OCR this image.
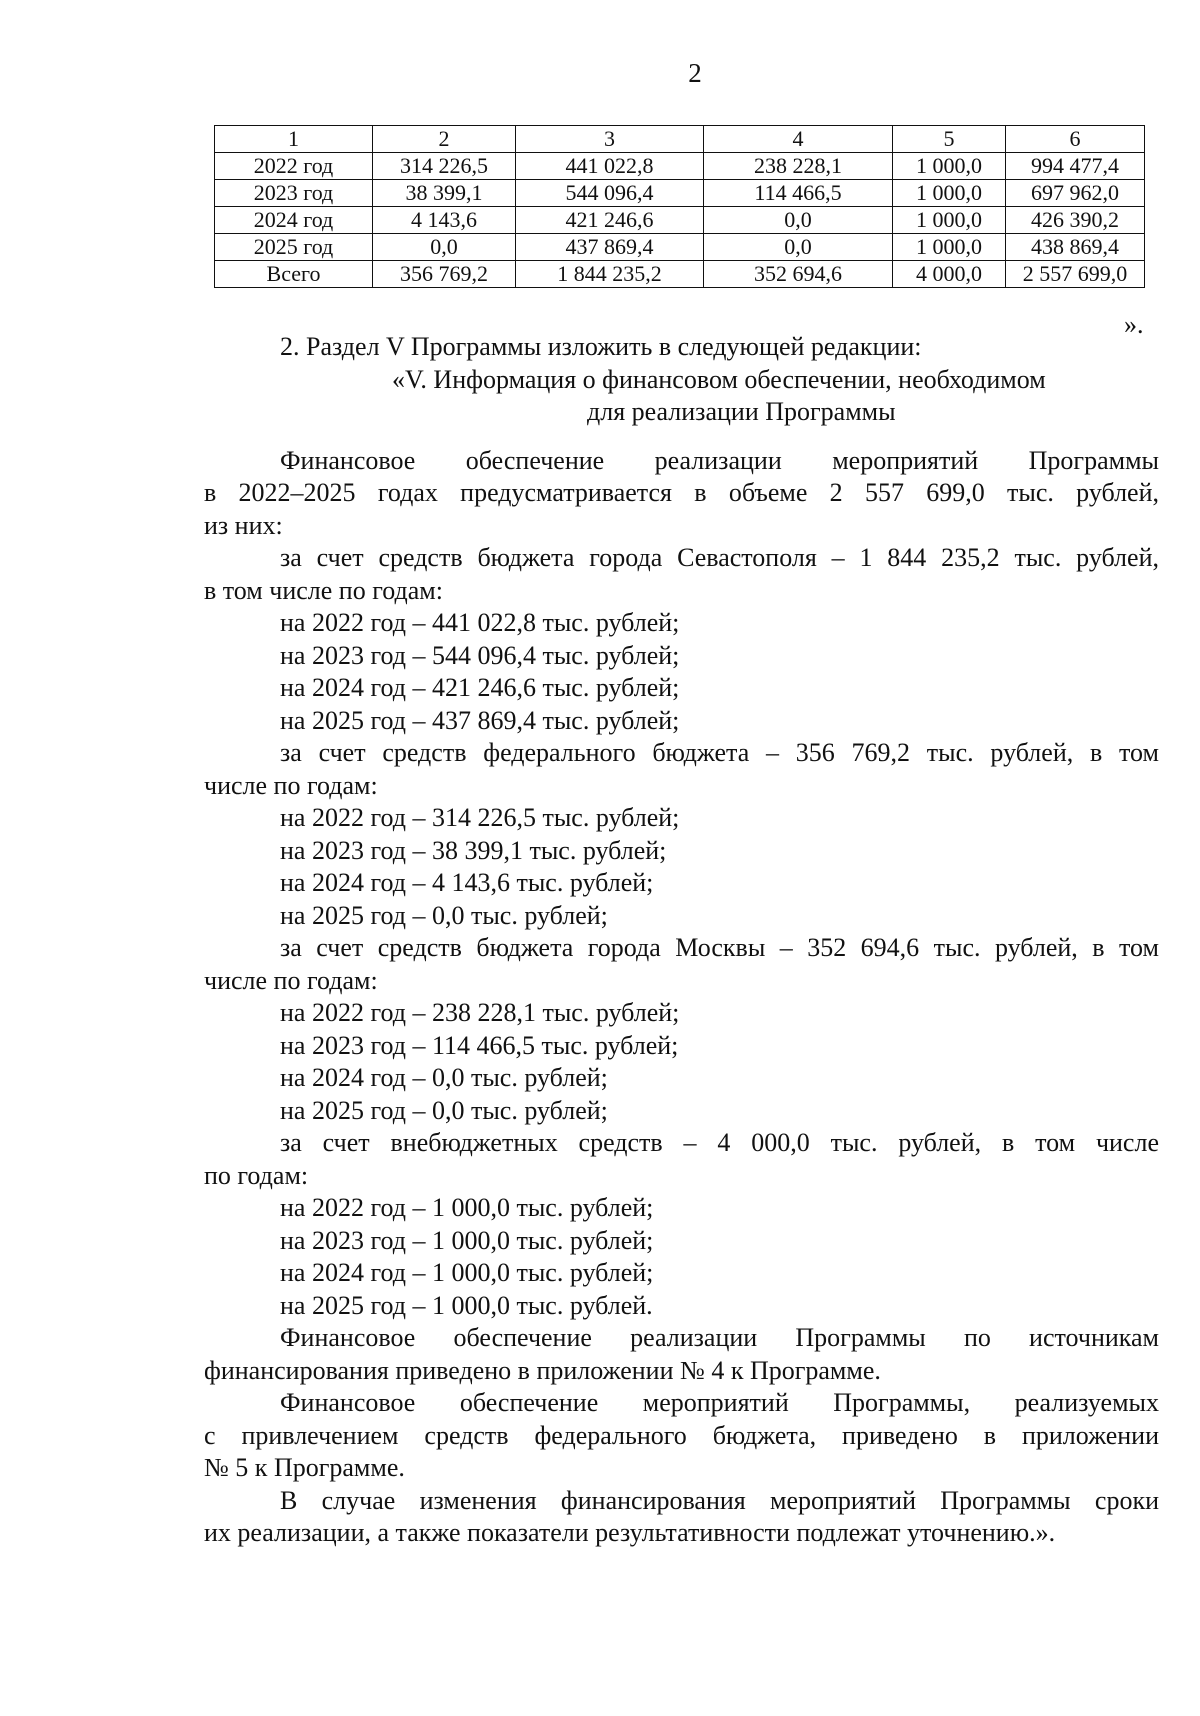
2
1	2	3	4	5	6
2022 год	314 226,5	441 022,8	238 228,1	1 000,0	994 477,4
2023 год	38 399,1	544 096,4	114 466,5	1 000,0	697 962,0
2024 год	4 143,6	421 246,6	0,0	1 000,0	426 390,2
2025 год	0,0	437 869,4	0,0	1 000,0	438 869,4
Всего	356 769,2	1 844 235,2	352 694,6	4 000,0	2 557 699,0
».
2. Раздел V Программы изложить в следующей редакции:
«V. Информация о финансовом обеспечении, необходимом
для реализации Программы
Финансовое обеспечение реализации мероприятий Программы
в 2022–2025 годах предусматривается в объеме 2 557 699,0 тыс. рублей,
из них:
за счет средств бюджета города Севастополя – 1 844 235,2 тыс. рублей,
в том числе по годам:
на 2022 год – 441 022,8 тыс. рублей;
на 2023 год – 544 096,4 тыс. рублей;
на 2024 год – 421 246,6 тыс. рублей;
на 2025 год – 437 869,4 тыс. рублей;
за счет средств федерального бюджета – 356 769,2 тыс. рублей, в том
числе по годам:
на 2022 год – 314 226,5 тыс. рублей;
на 2023 год – 38 399,1 тыс. рублей;
на 2024 год – 4 143,6 тыс. рублей;
на 2025 год – 0,0 тыс. рублей;
за счет средств бюджета города Москвы – 352 694,6 тыс. рублей, в том
числе по годам:
на 2022 год – 238 228,1 тыс. рублей;
на 2023 год – 114 466,5 тыс. рублей;
на 2024 год – 0,0 тыс. рублей;
на 2025 год – 0,0 тыс. рублей;
за счет внебюджетных средств – 4 000,0 тыс. рублей, в том числе
по годам:
на 2022 год – 1 000,0 тыс. рублей;
на 2023 год – 1 000,0 тыс. рублей;
на 2024 год – 1 000,0 тыс. рублей;
на 2025 год – 1 000,0 тыс. рублей.
Финансовое обеспечение реализации Программы по источникам
финансирования приведено в приложении № 4 к Программе.
Финансовое обеспечение мероприятий Программы, реализуемых
с привлечением средств федерального бюджета, приведено в приложении
№ 5 к Программе.
В случае изменения финансирования мероприятий Программы сроки
их реализации, а также показатели результативности подлежат уточнению.».
